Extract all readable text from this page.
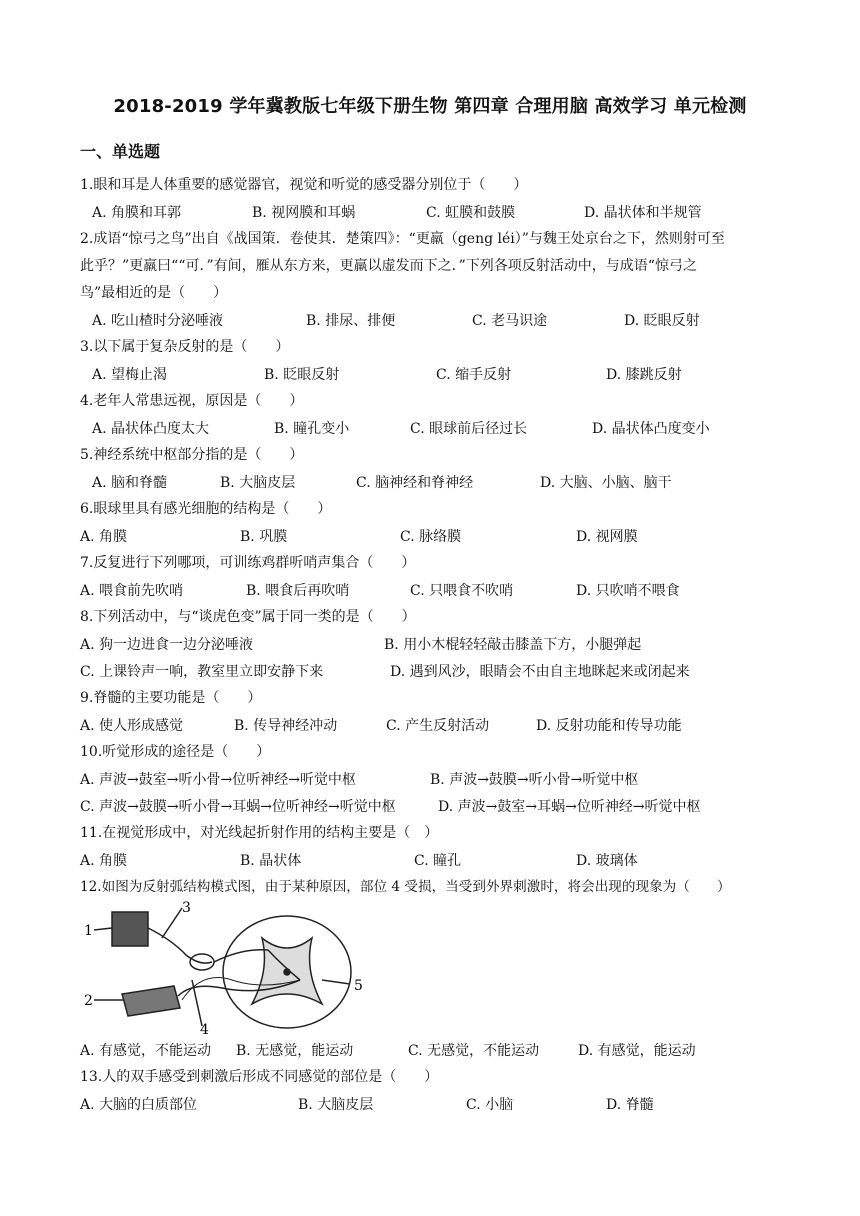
2018-2019 学年冀教版七年级下册生物 第四章 合理用脑 高效学习 单元检测
一、单选题
1.眼和耳是人体重要的感觉器官，视觉和听觉的感受器分别位于（　　）
A. 角膜和耳郭	B. 视网膜和耳蜗	C. 虹膜和鼓膜	D. 晶状体和半规管
2.成语“惊弓之鸟”出自《战国策．卷使其．楚策四》：“更羸（geng léi）”与魏王处京台之下，然则射可至
此乎？”更羸曰““可．”有间，雁从东方来，更羸以虚发而下之．”下列各项反射活动中，与成语“惊弓之
鸟”最相近的是（　　）
A. 吃山楂时分泌唾液	B. 排尿、排便	C. 老马识途	D. 眨眼反射
3.以下属于复杂反射的是（　　）
A. 望梅止渴	B. 眨眼反射	C. 缩手反射	D. 膝跳反射
4.老年人常患远视，原因是（　　）
A. 晶状体凸度太大	B. 瞳孔变小	C. 眼球前后径过长	D. 晶状体凸度变小
5.神经系统中枢部分指的是（　　）
A. 脑和脊髓	B. 大脑皮层	C. 脑神经和脊神经	D. 大脑、小脑、脑干
6.眼球里具有感光细胞的结构是（　　）
A. 角膜	B. 巩膜	C. 脉络膜	D. 视网膜
7.反复进行下列哪项，可训练鸡群听哨声集合（　　）
A. 喂食前先吹哨	B. 喂食后再吹哨	C. 只喂食不吹哨	D. 只吹哨不喂食
8.下列活动中，与“谈虎色变”属于同一类的是（　　）
A. 狗一边进食一边分泌唾液	B. 用小木棍轻轻敲击膝盖下方，小腿弹起
C. 上课铃声一响，教室里立即安静下来	D. 遇到风沙，眼睛会不由自主地眯起来或闭起来
9.脊髓的主要功能是（　　）
A. 使人形成感觉	B. 传导神经冲动	C. 产生反射活动	D. 反射功能和传导功能
10.听觉形成的途径是（　　）
A. 声波→鼓室→听小骨→位听神经→听觉中枢	B. 声波→鼓膜→听小骨→听觉中枢
C. 声波→鼓膜→听小骨→耳蜗→位听神经→听觉中枢	D. 声波→鼓室→耳蜗→位听神经→听觉中枢
11.在视觉形成中，对光线起折射作用的结构主要是（　）
A. 角膜	B. 晶状体	C. 瞳孔	D. 玻璃体
12.如图为反射弧结构模式图，由于某种原因，部位 4 受损，当受到外界刺激时，将会出现的现象为（　　）
1
2
3
4
5
A. 有感觉，不能运动 B. 无感觉，能运动	C. 无感觉，不能运动	D. 有感觉，能运动
13.人的双手感受到刺激后形成不同感觉的部位是（　　）
A. 大脑的白质部位	B. 大脑皮层	C. 小脑	D. 脊髓
